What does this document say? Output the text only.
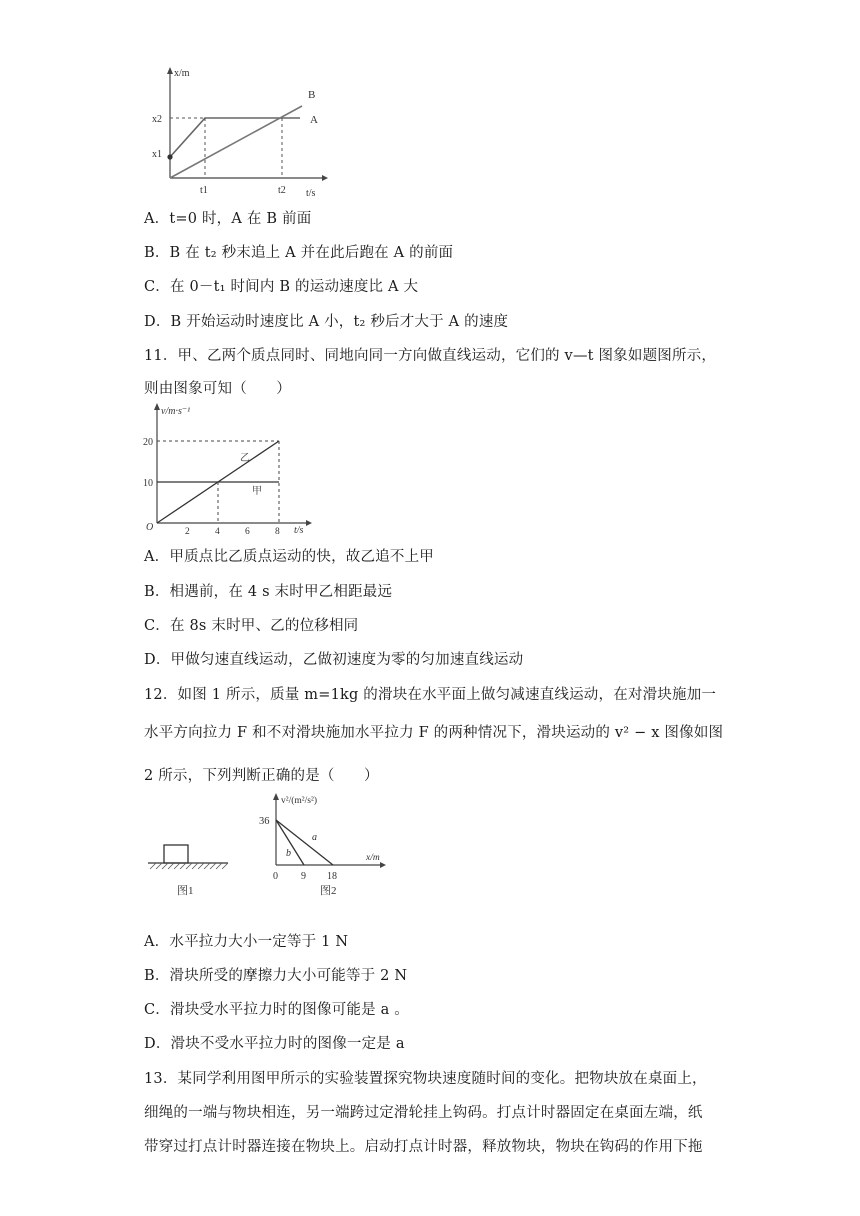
x/m
t/s
x2
x1
t1	t2
A
B
A．t=0 时，A 在 B 前面
B．B 在 t₂ 秒末追上 A 并在此后跑在 A 的前面
C．在 0－t₁ 时间内 B 的运动速度比 A 大
D．B 开始运动时速度比 A 小，t₂ 秒后才大于 A 的速度
11．甲、乙两个质点同时、同地向同一方向做直线运动，它们的 v—t 图象如题图所示，
则由图象可知（　　）
v/m·s⁻¹
t/s
O
20
10
2	4	6	8
乙
甲
A．甲质点比乙质点运动的快，故乙追不上甲
B．相遇前，在 4 s 末时甲乙相距最远
C．在 8s 末时甲、乙的位移相同
D．甲做匀速直线运动，乙做初速度为零的匀加速直线运动
12．如图 1 所示，质量 m=1kg 的滑块在水平面上做匀减速直线运动，在对滑块施加一
水平方向拉力 F 和不对滑块施加水平拉力 F 的两种情况下，滑块运动的 v² − x 图像如图
2 所示，下列判断正确的是（　　）
图1
v²/(m²/s²)
x/m
36
0 9 18
a
b
图2
A．水平拉力大小一定等于 1 N
B．滑块所受的摩擦力大小可能等于 2 N
C．滑块受水平拉力时的图像可能是 a 。
D．滑块不受水平拉力时的图像一定是 a
13．某同学利用图甲所示的实验装置探究物块速度随时间的变化。把物块放在桌面上，
细绳的一端与物块相连，另一端跨过定滑轮挂上钩码。打点计时器固定在桌面左端，纸
带穿过打点计时器连接在物块上。启动打点计时器，释放物块，物块在钩码的作用下拖
